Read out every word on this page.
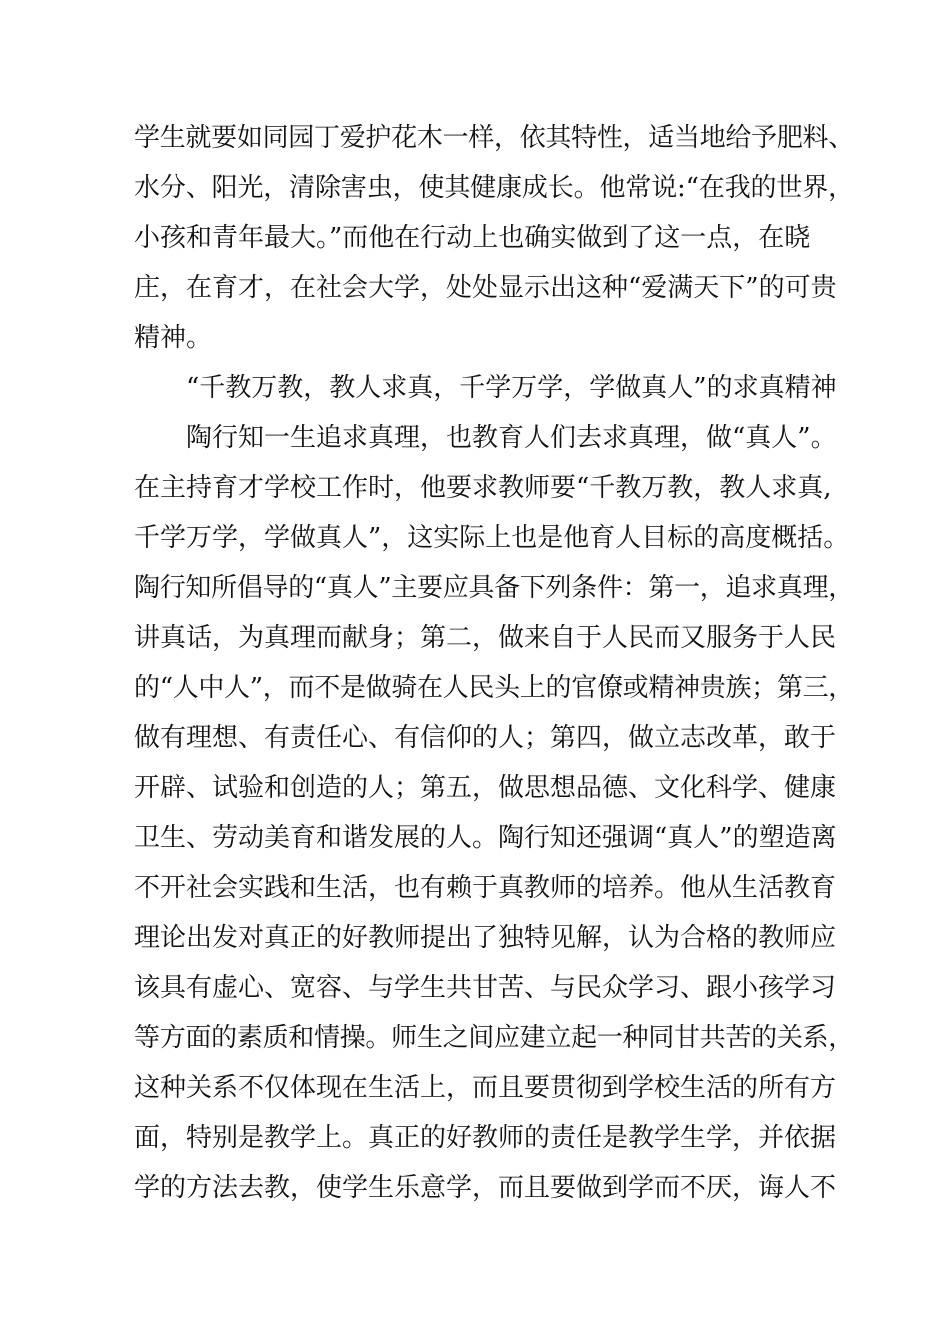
学生就要如同园丁爱护花木一样，依其特性，适当地给予肥料、
水分、阳光，清除害虫，使其健康成长。他常说:“在我的世界，
小孩和青年最大。”而他在行动上也确实做到了这一点，在晓
庄，在育才，在社会大学，处处显示出这种“爱满天下”的可贵
精神。
“千教万教，教人求真，千学万学，学做真人”的求真精神
陶行知一生追求真理，也教育人们去求真理，做“真人”。
在主持育才学校工作时，他要求教师要“千教万教，教人求真,
千学万学，学做真人”，这实际上也是他育人目标的高度概括。
陶行知所倡导的“真人”主要应具备下列条件：第一，追求真理，
讲真话，为真理而献身；第二，做来自于人民而又服务于人民
的“人中人”，而不是做骑在人民头上的官僚或精神贵族；第三，
做有理想、有责任心、有信仰的人；第四，做立志改革，敢于
开辟、试验和创造的人；第五，做思想品德、文化科学、健康
卫生、劳动美育和谐发展的人。陶行知还强调“真人”的塑造离
不开社会实践和生活，也有赖于真教师的培养。他从生活教育
理论出发对真正的好教师提出了独特见解，认为合格的教师应
该具有虚心、宽容、与学生共甘苦、与民众学习、跟小孩学习
等方面的素质和情操。师生之间应建立起一种同甘共苦的关系，
这种关系不仅体现在生活上，而且要贯彻到学校生活的所有方
面，特别是教学上。真正的好教师的责任是教学生学，并依据
学的方法去教，使学生乐意学，而且要做到学而不厌，诲人不
